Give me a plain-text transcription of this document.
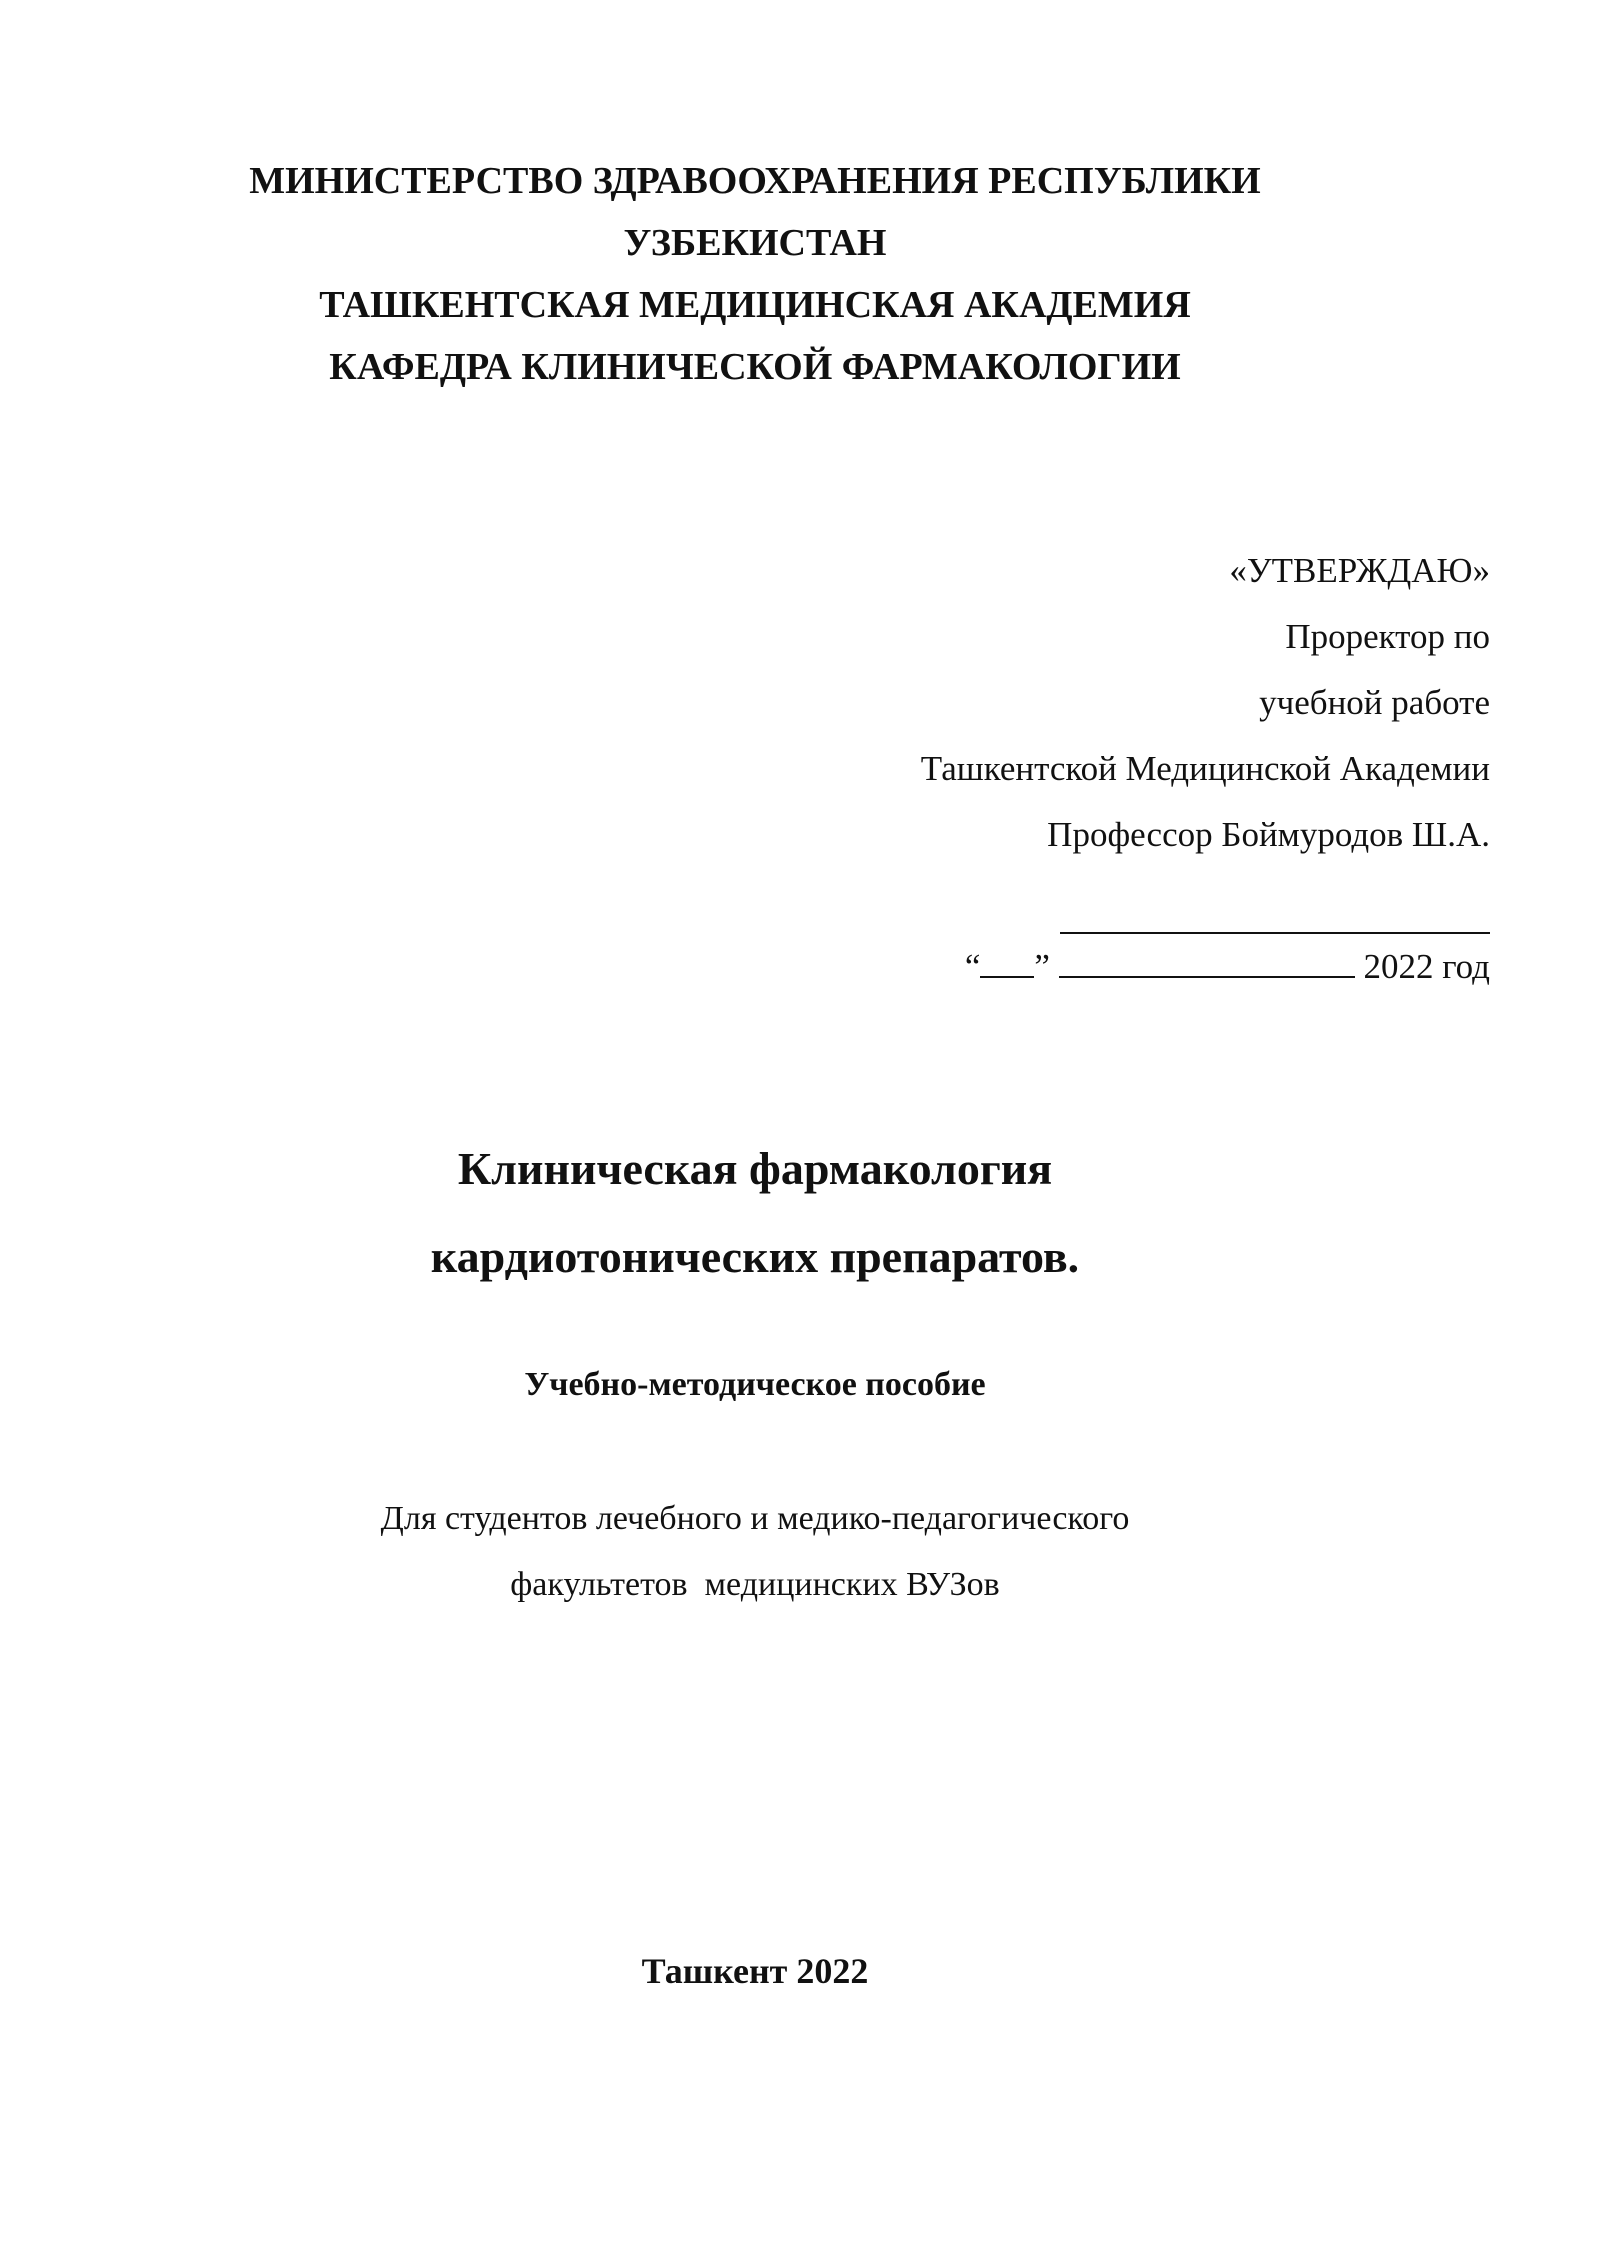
МИНИСТЕРСТВО ЗДРАВООХРАНЕНИЯ РЕСПУБЛИКИ
УЗБЕКИСТАН
ТАШКЕНТСКАЯ МЕДИЦИНСКАЯ АКАДЕМИЯ
КАФЕДРА КЛИНИЧЕСКОЙ ФАРМАКОЛОГИИ
«УТВЕРЖДАЮ»
Проректор по
учебной работе
Ташкентской Медицинской Академии
Профессор Боймуродов Ш.А.
“ ”	2022 год
Клиническая фармакология
кардиотонических препаратов.
Учебно-методическое пособие
Для студентов лечебного и медико-педагогического
факультетов  медицинских ВУЗов
Ташкент 2022
